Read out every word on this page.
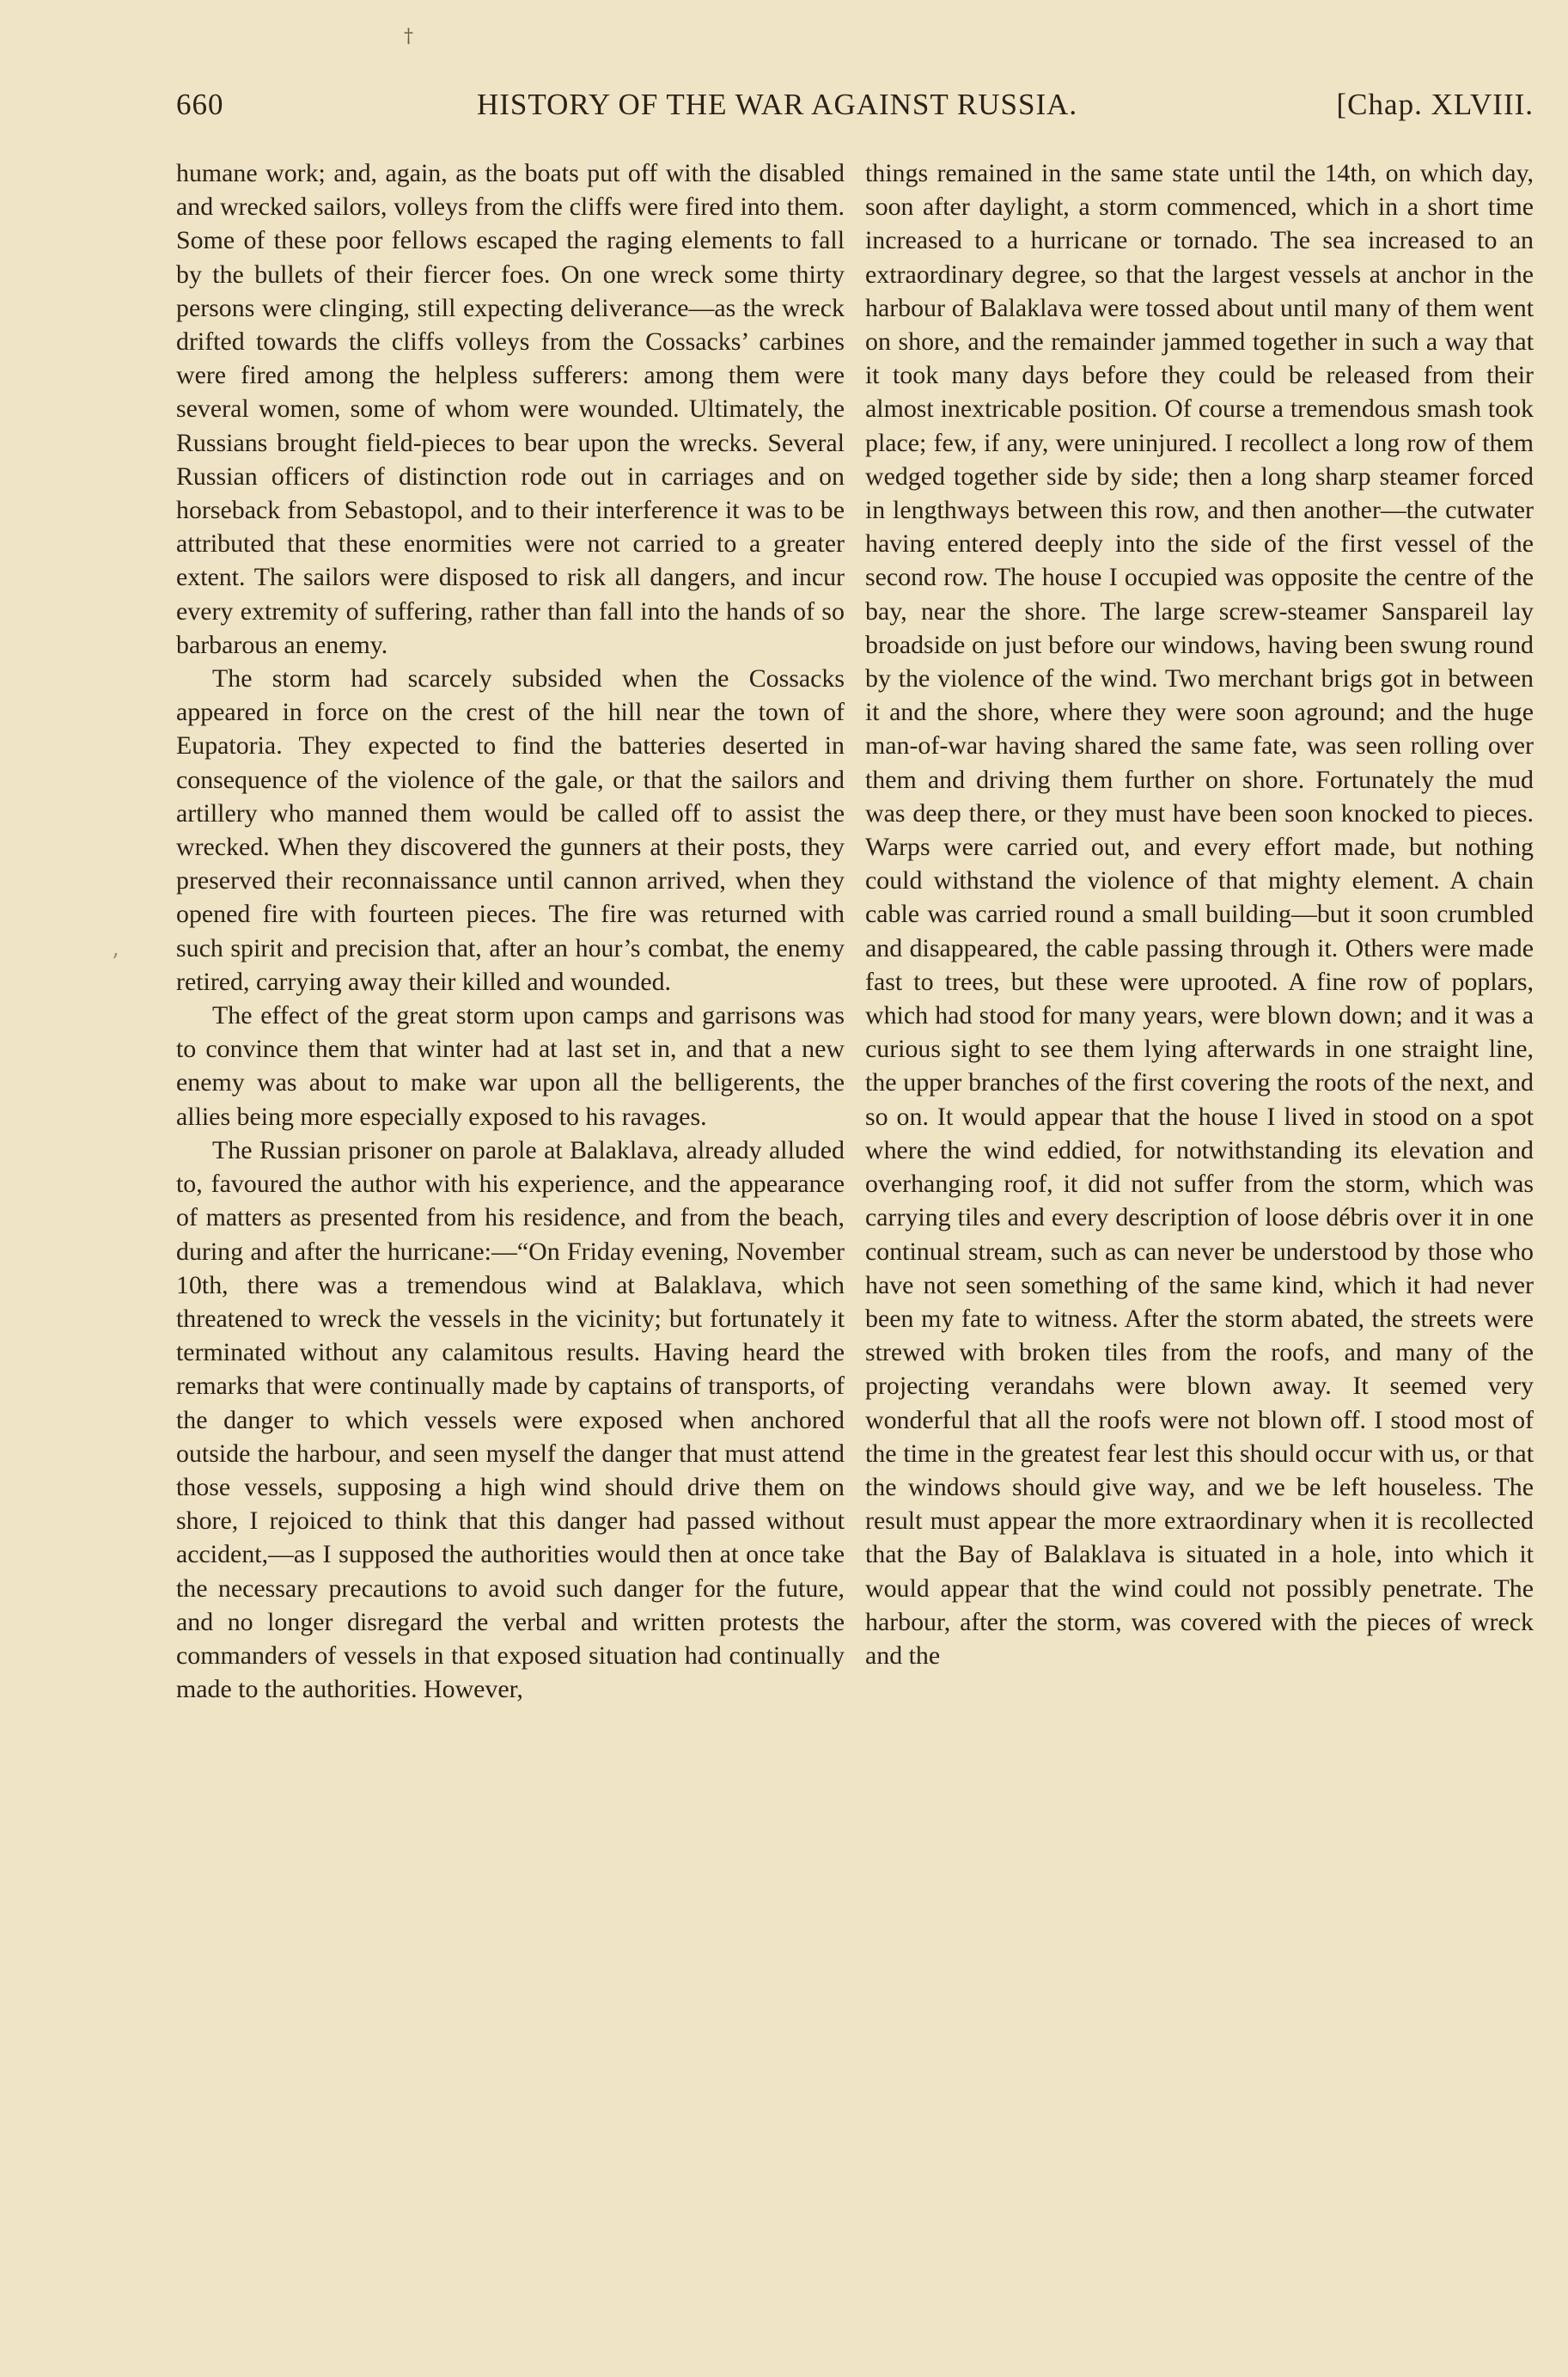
†
’
660	HISTORY OF THE WAR AGAINST RUSSIA.	[Chap. XLVIII.

humane work; and, again, as the boats put off with the disabled and wrecked sailors, volleys from the cliffs were fired into them. Some of these poor fellows escaped the raging elements to fall by the bullets of their fiercer foes. On one wreck some thirty persons were clinging, still expecting deliverance—as the wreck drifted towards the cliffs volleys from the Cossacks’ carbines were fired among the helpless sufferers: among them were several women, some of whom were wounded. Ultimately, the Russians brought field-pieces to bear upon the wrecks. Several Russian officers of distinction rode out in carriages and on horseback from Sebastopol, and to their interference it was to be attributed that these enormities were not carried to a greater extent. The sailors were disposed to risk all dangers, and incur every extremity of suffering, rather than fall into the hands of so barbarous an enemy.

The storm had scarcely subsided when the Cossacks appeared in force on the crest of the hill near the town of Eupatoria. They expected to find the batteries deserted in consequence of the violence of the gale, or that the sailors and artillery who manned them would be called off to assist the wrecked. When they discovered the gunners at their posts, they preserved their reconnaissance until cannon arrived, when they opened fire with fourteen pieces. The fire was returned with such spirit and precision that, after an hour’s combat, the enemy retired, carrying away their killed and wounded.

The effect of the great storm upon camps and garrisons was to convince them that winter had at last set in, and that a new enemy was about to make war upon all the belligerents, the allies being more especially exposed to his ravages.

The Russian prisoner on parole at Balaklava, already alluded to, favoured the author with his experience, and the appearance of matters as presented from his residence, and from the beach, during and after the hurricane:—“On Friday evening, November 10th, there was a tremendous wind at Balaklava, which threatened to wreck the vessels in the vicinity; but fortunately it terminated without any calamitous results. Having heard the remarks that were continually made by captains of transports, of the danger to which vessels were exposed when anchored outside the harbour, and seen myself the danger that must attend those vessels, supposing a high wind should drive them on shore, I rejoiced to think that this danger had passed without accident,—as I supposed the authorities would then at once take the necessary precautions to avoid such danger for the future, and no longer disregard the verbal and written protests the commanders of vessels in that exposed situation had continually made to the authorities. However,

things remained in the same state until the 14th, on which day, soon after daylight, a storm commenced, which in a short time increased to a hurricane or tornado. The sea increased to an extraordinary degree, so that the largest vessels at anchor in the harbour of Balaklava were tossed about until many of them went on shore, and the remainder jammed together in such a way that it took many days before they could be released from their almost inextricable position. Of course a tremendous smash took place; few, if any, were uninjured. I recollect a long row of them wedged together side by side; then a long sharp steamer forced in lengthways between this row, and then another—the cutwater having entered deeply into the side of the first vessel of the second row. The house I occupied was opposite the centre of the bay, near the shore. The large screw-steamer Sanspareil lay broadside on just before our windows, having been swung round by the violence of the wind. Two merchant brigs got in between it and the shore, where they were soon aground; and the huge man-of-war having shared the same fate, was seen rolling over them and driving them further on shore. Fortunately the mud was deep there, or they must have been soon knocked to pieces. Warps were carried out, and every effort made, but nothing could withstand the violence of that mighty element. A chain cable was carried round a small building—but it soon crumbled and disappeared, the cable passing through it. Others were made fast to trees, but these were uprooted. A fine row of poplars, which had stood for many years, were blown down; and it was a curious sight to see them lying afterwards in one straight line, the upper branches of the first covering the roots of the next, and so on. It would appear that the house I lived in stood on a spot where the wind eddied, for notwithstanding its elevation and overhanging roof, it did not suffer from the storm, which was carrying tiles and every description of loose débris over it in one continual stream, such as can never be understood by those who have not seen something of the same kind, which it had never been my fate to witness. After the storm abated, the streets were strewed with broken tiles from the roofs, and many of the projecting verandahs were blown away. It seemed very wonderful that all the roofs were not blown off. I stood most of the time in the greatest fear lest this should occur with us, or that the windows should give way, and we be left houseless. The result must appear the more extraordinary when it is recollected that the Bay of Balaklava is situated in a hole, into which it would appear that the wind could not possibly penetrate. The harbour, after the storm, was covered with the pieces of wreck and the
